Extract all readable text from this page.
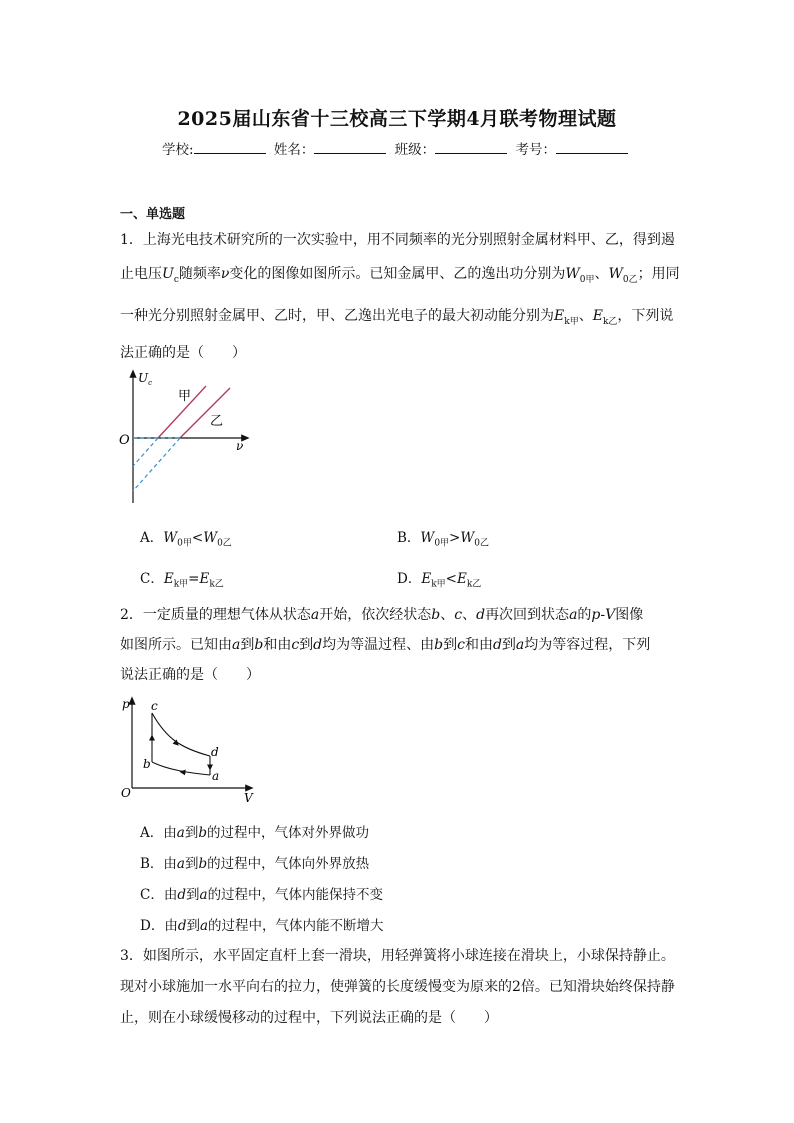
2025届山东省十三校高三下学期4月联考物理试题
学校:	姓名：	班级：	考号：
一、单选题
1．上海光电技术研究所的一次实验中，用不同频率的光分别照射金属材料甲、乙，得到遏
止电压$U_c$随频率ν变化的图像如图所示。已知金属甲、乙的逸出功分别为$W_{0甲}$、$W_{0乙}$；用同
一种光分别照射金属甲、乙时，甲、乙逸出光电子的最大初动能分别为$E_{k甲}$、$E_{k乙}$，下列说
法正确的是（　　）
$U_c$
ν
O
甲
乙
A．$W_{0甲}<W_{0乙}$	B．$W_{0甲}>W_{0乙}$
C．$E_{k甲}=E_{k乙}$	D．$E_{k甲}<E_{k乙}$
2．一定质量的理想气体从状态a开始，依次经状态b、c、d再次回到状态a的p-V图像
如图所示。已知由a到b和由c到d均为等温过程、由b到c和由d到a均为等容过程，下列
说法正确的是（　　）
p
V
O
c
b
d
a
A．由a到b的过程中，气体对外界做功
B．由a到b的过程中，气体向外界放热
C．由d到a的过程中，气体内能保持不变
D．由d到a的过程中，气体内能不断增大
3．如图所示，水平固定直杆上套一滑块，用轻弹簧将小球连接在滑块上，小球保持静止。
现对小球施加一水平向右的拉力，使弹簧的长度缓慢变为原来的2倍。已知滑块始终保持静
止，则在小球缓慢移动的过程中，下列说法正确的是（　　）
